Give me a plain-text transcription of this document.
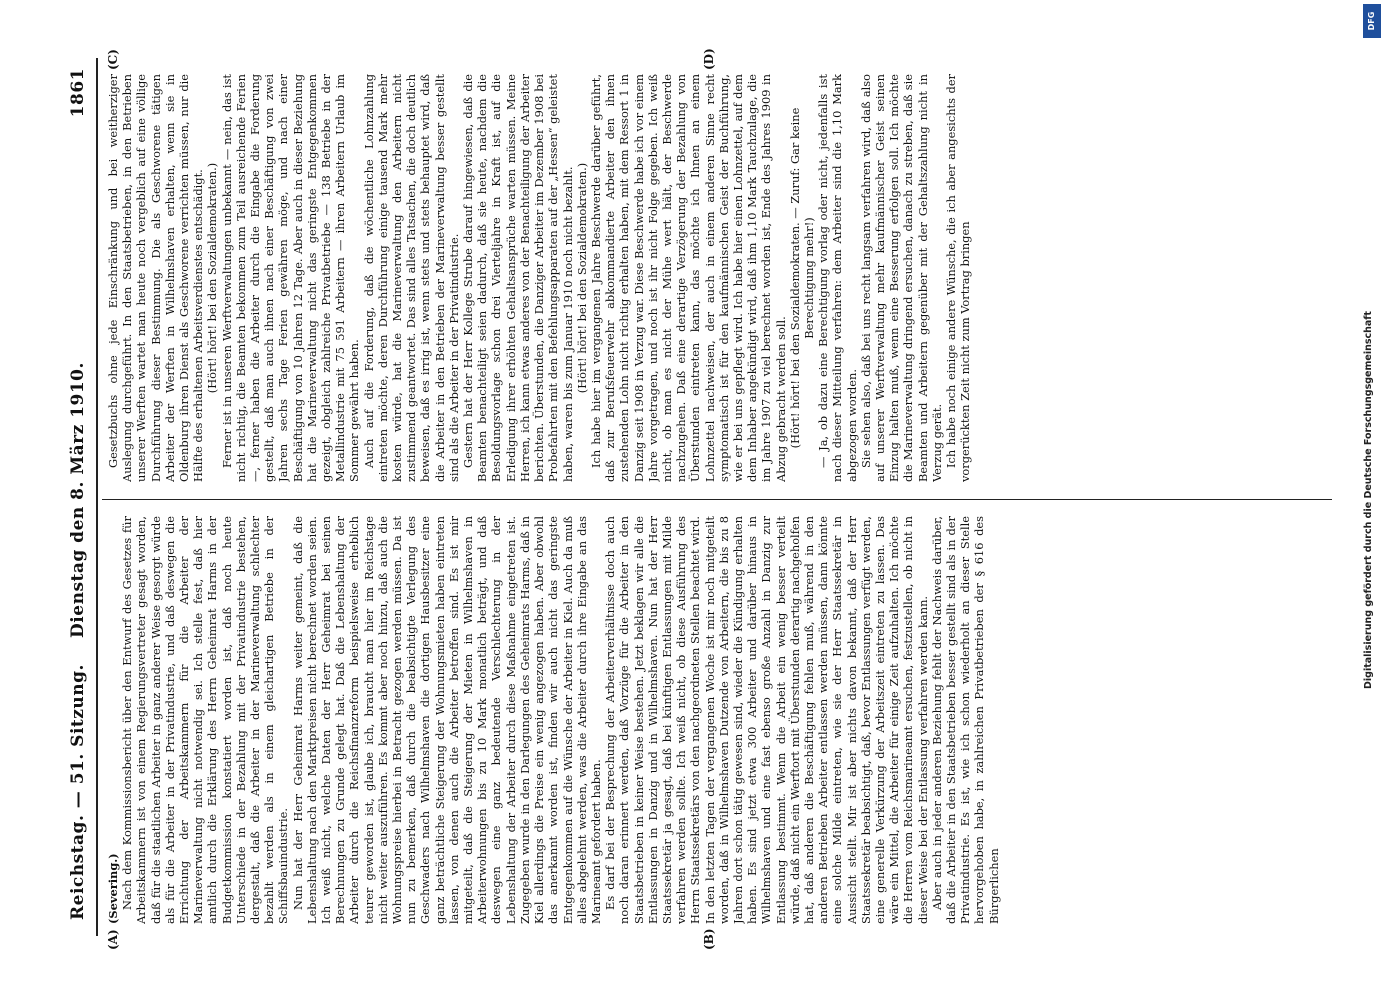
Reichstag. — 51. Sitzung.
Dienstag den 8. März 1910.
1861
(A)	(B)
(C)	(D)

(Severing.) Nach dem Kommissionsbericht über den Entwurf des Gesetzes für Arbeitskammern ist von einem Regierungsvertreter gesagt worden, daß für die staatlichen Arbeiter in ganz anderer Weise gesorgt würde als für die Arbeiter in der Privatindustrie, und daß deswegen die Errichtung der Arbeitskammern für die Arbeiter der Marineverwaltung nicht notwendig sei. Ich stelle fest, daß hier amtlich durch die Erklärung des Herrn Geheimrat Harms in der Budgetkommission konstatiert worden ist, daß noch heute Unterschiede in der Bezahlung mit der Privatindustrie bestehen, dergestalt, daß die Arbeiter in der Marineverwaltung schlechter bezahlt werden als in einem gleichartigen Betriebe in der Schiffsbauindustrie. Nun hat der Herr Geheimrat Harms weiter gemeint, daß die Lebenshaltung nach den Marktpreisen nicht berechnet worden seien. Ich weiß nicht, welche Daten der Herr Geheimrat bei seinen Berechnungen zu Grunde gelegt hat. Daß die Lebenshaltung der Arbeiter durch die Reichsfinanzreform beispielsweise erheblich teurer geworden ist, glaube ich, braucht man hier im Reichstage nicht weiter auszuführen. Es kommt aber noch hinzu, daß auch die Wohnungspreise hierbei in Betracht gezogen werden müssen. Da ist nun zu bemerken, daß durch die beabsichtigte Verlegung des Geschwaders nach Wilhelmshaven die dortigen Hausbesitzer eine ganz beträchtliche Steigerung der Wohnungsmieten haben eintreten lassen, von denen auch die Arbeiter betroffen sind. Es ist mir mitgeteilt, daß die Steigerung der Mieten in Wilhelmshaven in Arbeiterwohnungen bis zu 10 Mark monatlich beträgt, und daß deswegen eine ganz bedeutende Verschlechterung in der Lebenshaltung der Arbeiter durch diese Maßnahme eingetreten ist. Zugegeben wurde in den Darlegungen des Geheimrats Harms, daß in Kiel allerdings die Preise ein wenig angezogen haben. Aber obwohl das anerkannt worden ist, finden wir auch nicht das geringste Entgegenkommen auf die Wünsche der Arbeiter in Kiel. Auch da muß alles abgelehnt werden, was die Arbeiter durch ihre Eingabe an das Marineamt gefordert haben. Es darf bei der Besprechung der Arbeiterverhältnisse doch auch noch daran erinnert werden, daß Vorzüge für die Arbeiter in den Staatsbetrieben in keiner Weise bestehen. Jetzt beklagen wir alle die Entlassungen in Danzig und in Wilhelmshaven. Nun hat der Herr Staatssekretär ja gesagt, daß bei künftigen Entlassungen mit Milde verfahren werden sollte. Ich weiß nicht, ob diese Ausführung des Herrn Staatssekretärs von den nachgeordneten Stellen beachtet wird. In den letzten Tagen der vergangenen Woche ist mir noch mitgeteilt worden, daß in Wilhelmshaven Dutzende von Arbeitern, die bis zu 8 Jahren dort schon tätig gewesen sind, wieder die Kündigung erhalten haben. Es sind jetzt etwa 300 Arbeiter und darüber hinaus in Wilhelmshaven und eine fast ebenso große Anzahl in Danzig zur Entlassung bestimmt. Wenn die Arbeit ein wenig besser verteilt würde, daß nicht ein Werftort mit Überstunden derartig nachgeholfen hat, daß anderen die Beschäftigung fehlen muß, während in den anderen Betrieben Arbeiter entlassen werden müssen, dann könnte eine solche Milde eintreten, wie sie der Herr Staatssekretär in Aussicht stellt. Mir ist aber nichts davon bekannt, daß der Herr Staatssekretär beabsichtigt, daß, bevor Entlassungen verfügt werden, eine generelle Verkürzung der Arbeitszeit eintreten zu lassen. Das wäre ein Mittel, die Arbeiter für einige Zeit aufzuhalten. Ich möchte die Herren vom Reichsmarineamt ersuchen, festzustellen, ob nicht in dieser Weise bei der Entlassung verfahren werden kann. Aber auch in jeder anderen Beziehung fehlt der Nachweis darüber, daß die Arbeiter in den Staatsbetrieben besser gestellt sind als in der Privatindustrie. Es ist, wie ich schon wiederholt an dieser Stelle hervorgehoben habe, in zahlreichen Privatbetrieben der § 616 des Bürgerlichen

Gesetzbuchs ohne jede Einschränkung und bei weitherziger Auslegung durchgeführt. In den Staatsbetrieben, in den Betrieben unserer Werften wartet man heute noch vergeblich auf eine völlige Durchführung dieser Bestimmung. Die als Geschworene tätigen Arbeiter der Werften in Wilhelmshaven erhalten, wenn sie in Oldenburg ihren Dienst als Geschworene verrichten müssen, nur die Hälfte des erhaltenen Arbeitsverdienstes entschädigt. (Hört! hört! bei den Sozialdemokraten.) Ferner ist in unseren Werftverwaltungen unbekannt — nein, das ist nicht richtig, die Beamten bekommen zum Teil ausreichende Ferien —, ferner haben die Arbeiter durch die Eingabe die Forderung gestellt, daß man auch ihnen nach einer Beschäftigung von zwei Jahren sechs Tage Ferien gewähren möge, und nach einer Beschäftigung von 10 Jahren 12 Tage. Aber auch in dieser Beziehung hat die Marineverwaltung nicht das geringste Entgegenkommen gezeigt, obgleich zahlreiche Privatbetriebe — 138 Betriebe in der Metallindustrie mit 75 591 Arbeitern — ihren Arbeitern Urlaub im Sommer gewährt haben. Auch auf die Forderung, daß die wöchentliche Lohnzahlung eintreten möchte, deren Durchführung einige tausend Mark mehr kosten würde, hat die Marineverwaltung den Arbeitern nicht zustimmend geantwortet. Das sind alles Tatsachen, die doch deutlich beweisen, daß es irrig ist, wenn stets und stets behauptet wird, daß die Arbeiter in den Betrieben der Marineverwaltung besser gestellt sind als die Arbeiter in der Privatindustrie. Gestern hat der Herr Kollege Strube darauf hingewiesen, daß die Beamten benachteiligt seien dadurch, daß sie heute, nachdem die Besoldungsvorlage schon drei Vierteljahre in Kraft ist, auf die Erledigung ihrer erhöhten Gehaltsansprüche warten müssen. Meine Herren, ich kann etwas anderes von der Benachteiligung der Arbeiter berichten. Überstunden, die Danziger Arbeiter im Dezember 1908 bei Probefahrten mit den Befehlungsapparaten auf der „Hessen“ geleistet haben, waren bis zum Januar 1910 noch nicht bezahlt. (Hört! hört! bei den Sozialdemokraten.) Ich habe hier im vergangenen Jahre Beschwerde darüber geführt, daß zur Berufsfeuerwehr abkommandierte Arbeiter den ihnen zustehenden Lohn nicht richtig erhalten haben, mit dem Ressort 1 in Danzig seit 1908 in Verzug war. Diese Beschwerde habe ich vor einem Jahre vorgetragen, und noch ist ihr nicht Folge gegeben. Ich weiß nicht, ob man es nicht der Mühe wert hält, der Beschwerde nachzugehen. Daß eine derartige Verzögerung der Bezahlung von Überstunden eintreten kann, das möchte ich Ihnen an einem Lohnzettel nachweisen, der auch in einem anderen Sinne recht symptomatisch ist für den kaufmännischen Geist der Buchführung, wie er bei uns gepflegt wird. Ich habe hier einen Lohnzettel, auf dem dem Inhaber angekündigt wird, daß ihm 1,10 Mark Tauchzulage, die im Jahre 1907 zu viel berechnet worden ist, Ende des Jahres 1909 in Abzug gebracht werden soll. (Hört! hört! bei den Sozialdemokraten. — Zuruf: Gar keine Berechtigung mehr!) — Ja, ob dazu eine Berechtigung vorlag oder nicht, jedenfalls ist nach dieser Mitteilung verfahren: dem Arbeiter sind die 1,10 Mark abgezogen worden. Sie sehen also, daß bei uns recht langsam verfahren wird, daß also auf unserer Werftverwaltung mehr kaufmännischer Geist seinen Einzug halten muß, wenn eine Besserung erfolgen soll. Ich möchte die Marineverwaltung dringend ersuchen, danach zu streben, daß sie Beamten und Arbeitern gegenüber mit der Gehaltszahlung nicht in Verzug gerät. Ich habe noch einige andere Wünsche, die ich aber angesichts der vorgerückten Zeit nicht zum Vortrag bringen

DFG
Digitalisierung gefördert durch die Deutsche Forschungsgemeinschaft
